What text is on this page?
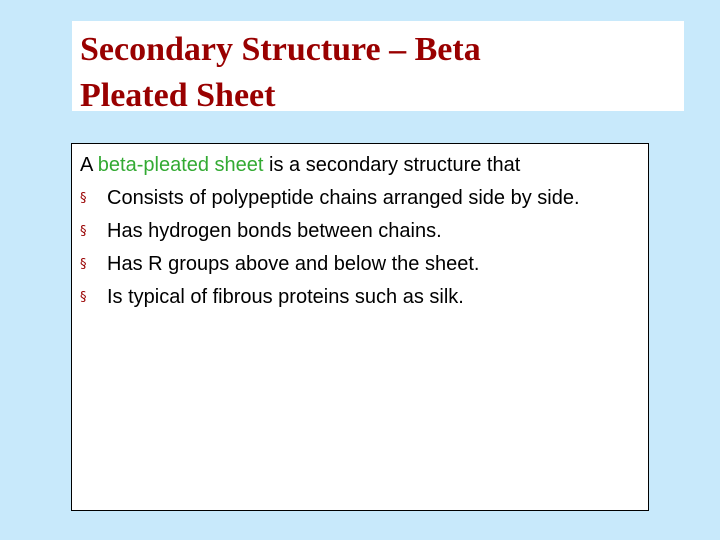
Secondary Structure – Beta
Pleated Sheet
A beta-pleated sheet is a secondary structure that
§ Consists of polypeptide chains arranged side by side.
§ Has hydrogen bonds between chains.
§ Has R groups above and below the sheet.
§ Is typical of fibrous proteins such as silk.
